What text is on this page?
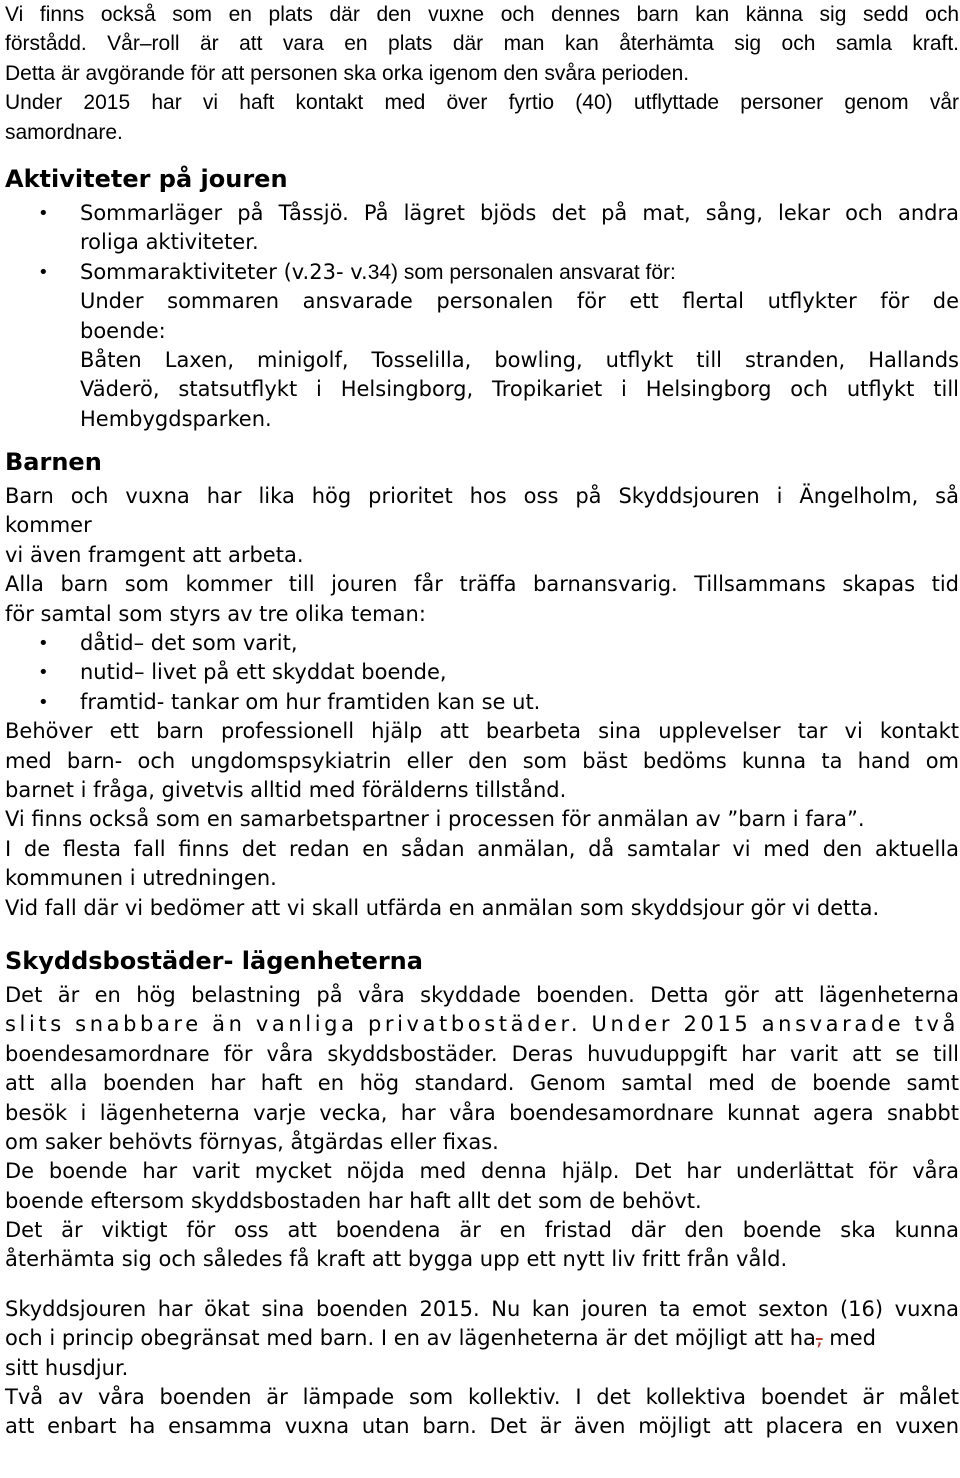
Vi finns också som en plats där den vuxne och dennes barn kan känna sig sedd och
förstådd. Vår–roll är att vara en plats där man kan återhämta sig och samla kraft.
Detta är avgörande för att personen ska orka igenom den svåra perioden.
Under 2015 har vi haft kontakt med över fyrtio (40) utflyttade personer genom vår
samordnare.
Aktiviteter på jouren
• Sommarläger på Tåssjö. På lägret bjöds det på mat, sång, lekar och andra
roliga aktiviteter.
• Sommaraktiviteter (v.23- v.34) som personalen ansvarat för:
Under sommaren ansvarade personalen för ett flertal utflykter för de
boende:
Båten Laxen, minigolf, Tosselilla, bowling, utflykt till stranden, Hallands
Väderö, statsutflykt i Helsingborg, Tropikariet i Helsingborg och utflykt till
Hembygdsparken.
Barnen
Barn och vuxna har lika hög prioritet hos oss på Skyddsjouren i Ängelholm, så
kommer
vi även framgent att arbeta.
Alla barn som kommer till jouren får träffa barnansvarig. Tillsammans skapas tid
för samtal som styrs av tre olika teman:
• dåtid– det som varit,
• nutid– livet på ett skyddat boende,
• framtid- tankar om hur framtiden kan se ut.
Behöver ett barn professionell hjälp att bearbeta sina upplevelser tar vi kontakt
med barn- och ungdomspsykiatrin eller den som bäst bedöms kunna ta hand om
barnet i fråga, givetvis alltid med förälderns tillstånd.
Vi finns också som en samarbetspartner i processen för anmälan av ”barn i fara”.
I de flesta fall finns det redan en sådan anmälan, då samtalar vi med den aktuella
kommunen i utredningen.
Vid fall där vi bedömer att vi skall utfärda en anmälan som skyddsjour gör vi detta.
Skyddsbostäder- lägenheterna
Det är en hög belastning på våra skyddade boenden. Detta gör att lägenheterna
slits snabbare än vanliga privatbostäder. Under 2015 ansvarade två
boendesamordnare för våra skyddsbostäder. Deras huvuduppgift har varit att se till
att alla boenden har haft en hög standard. Genom samtal med de boende samt
besök i lägenheterna varje vecka, har våra boendesamordnare kunnat agera snabbt
om saker behövts förnyas, åtgärdas eller fixas.
De boende har varit mycket nöjda med denna hjälp. Det har underlättat för våra
boende eftersom skyddsbostaden har haft allt det som de behövt.
Det är viktigt för oss att boendena är en fristad där den boende ska kunna
återhämta sig och således få kraft att bygga upp ett nytt liv fritt från våld.
Skyddsjouren har ökat sina boenden 2015. Nu kan jouren ta emot sexton (16) vuxna
och i princip obegränsat med barn. I en av lägenheterna är det möjligt att ha, med
sitt husdjur.
Två av våra boenden är lämpade som kollektiv. I det kollektiva boendet är målet
att enbart ha ensamma vuxna utan barn. Det är även möjligt att placera en vuxen
